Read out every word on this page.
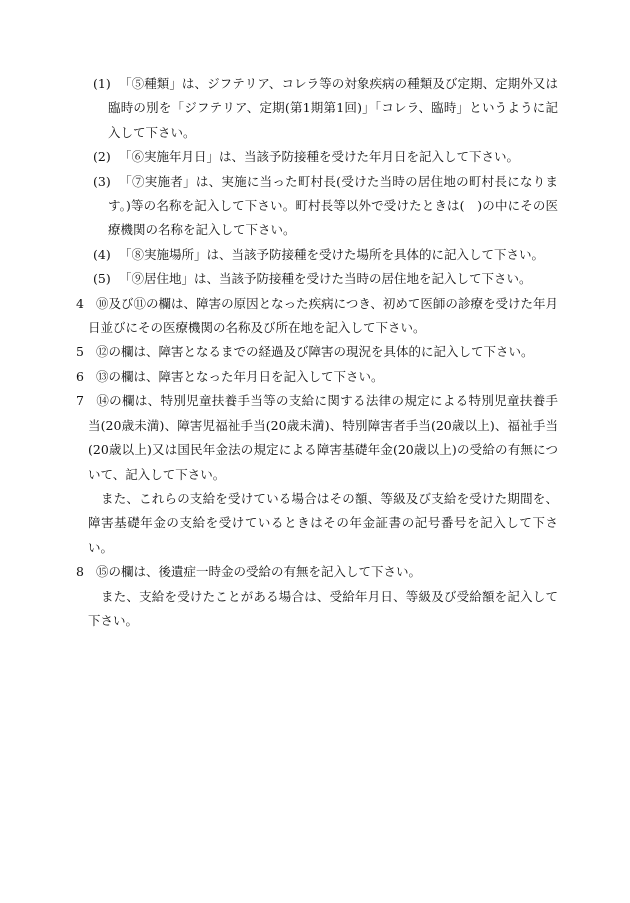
(1) 「⑤種類」は、ジフテリア、コレラ等の対象疾病の種類及び定期、定期外又は臨時の別を「ジフテリア、定期(第1期第1回)」「コレラ、臨時」というように記入して下さい。

(2) 「⑥実施年月日」は、当該予防接種を受けた年月日を記入して下さい。

(3) 「⑦実施者」は、実施に当った町村長(受けた当時の居住地の町村長になります。)等の名称を記入して下さい。町村長等以外で受けたときは(　)の中にその医療機関の名称を記入して下さい。

(4) 「⑧実施場所」は、当該予防接種を受けた場所を具体的に記入して下さい。

(5) 「⑨居住地」は、当該予防接種を受けた当時の居住地を記入して下さい。

4 ⑩及び⑪の欄は、障害の原因となった疾病につき、初めて医師の診療を受けた年月日並びにその医療機関の名称及び所在地を記入して下さい。

5 ⑫の欄は、障害となるまでの経過及び障害の現況を具体的に記入して下さい。

6 ⑬の欄は、障害となった年月日を記入して下さい。

7 ⑭の欄は、特別児童扶養手当等の支給に関する法律の規定による特別児童扶養手当(20歳未満)、障害児福祉手当(20歳未満)、特別障害者手当(20歳以上)、福祉手当(20歳以上)又は国民年金法の規定による障害基礎年金(20歳以上)の受給の有無について、記入して下さい。

また、これらの支給を受けている場合はその額、等級及び支給を受けた期間を、障害基礎年金の支給を受けているときはその年金証書の記号番号を記入して下さい。

8 ⑮の欄は、後遺症一時金の受給の有無を記入して下さい。

また、支給を受けたことがある場合は、受給年月日、等級及び受給額を記入して下さい。
